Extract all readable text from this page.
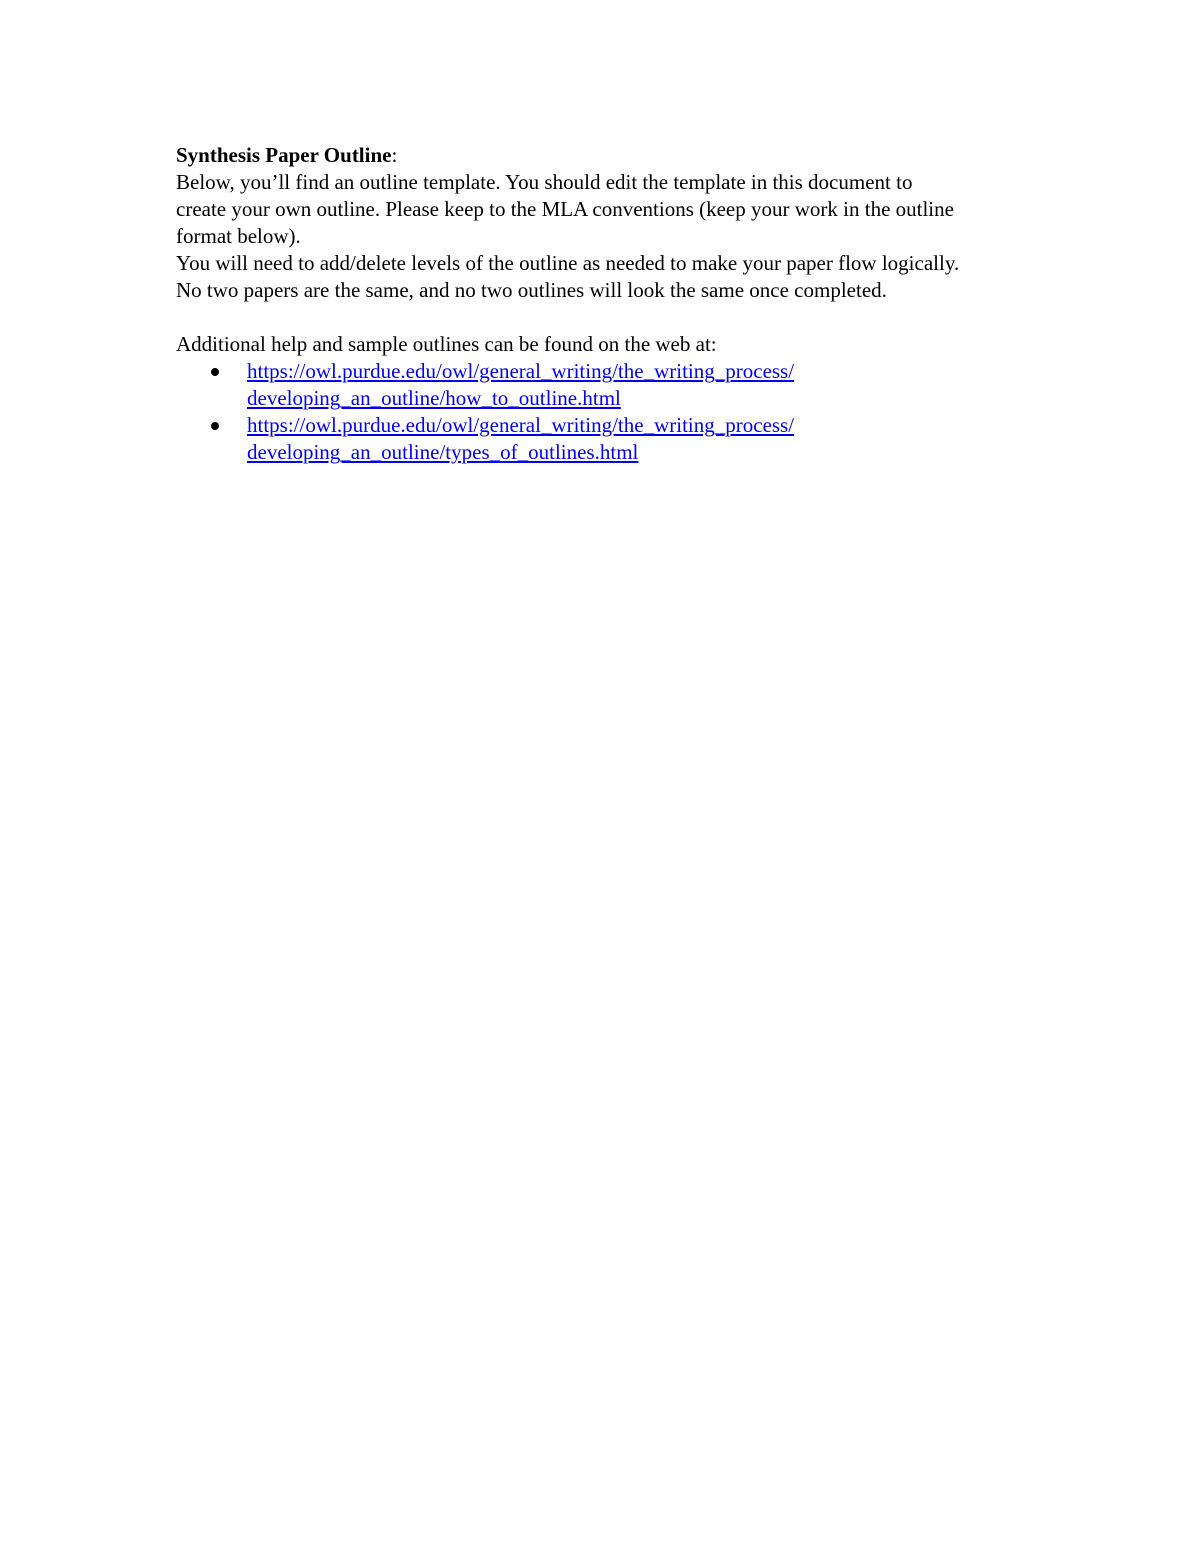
Synthesis Paper Outline:
Below, you’ll find an outline template. You should edit the template in this document to
create your own outline. Please keep to the MLA conventions (keep your work in the outline
format below).
You will need to add/delete levels of the outline as needed to make your paper flow logically.
No two papers are the same, and no two outlines will look the same once completed.
Additional help and sample outlines can be found on the web at:
https://owl.purdue.edu/owl/general_writing/the_writing_process/
developing_an_outline/how_to_outline.html
https://owl.purdue.edu/owl/general_writing/the_writing_process/
developing_an_outline/types_of_outlines.html
